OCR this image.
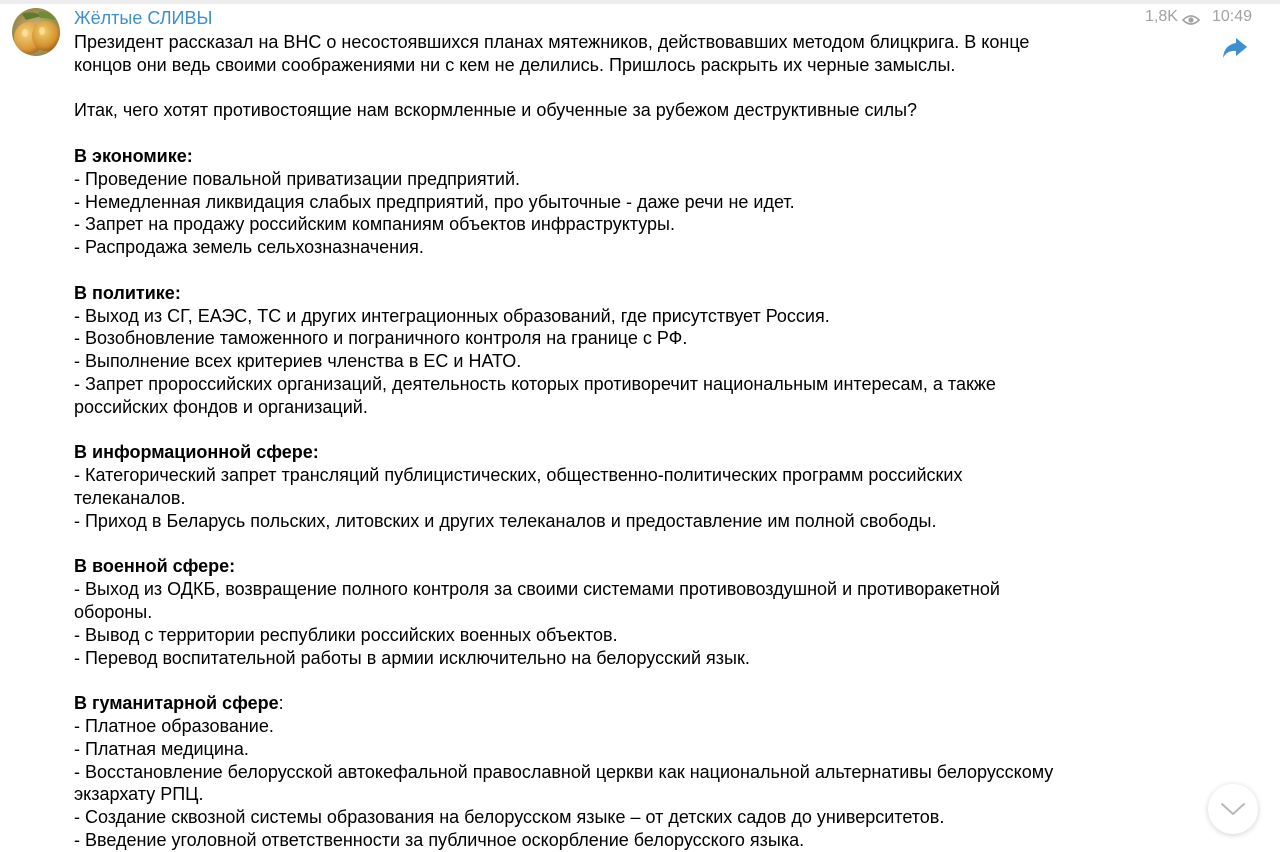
Жёлтые СЛИВЫ	1,8K 10:49
Президент рассказал на ВНС о несостоявшихся планах мятежников, действовавших методом блицкрига. В конце
концов они ведь своими соображениями ни с кем не делились. Пришлось раскрыть их черные замыслы.
Итак, чего хотят противостоящие нам вскормленные и обученные за рубежом деструктивные силы?
В экономике:
- Проведение повальной приватизации предприятий.
- Немедленная ликвидация слабых предприятий, про убыточные - даже речи не идет.
- Запрет на продажу российским компаниям объектов инфраструктуры.
- Распродажа земель сельхозназначения.
В политике:
- Выход из СГ, ЕАЭС, ТС и других интеграционных образований, где присутствует Россия.
- Возобновление таможенного и пограничного контроля на границе с РФ.
- Выполнение всех критериев членства в ЕС и НАТО.
- Запрет пророссийских организаций, деятельность которых противоречит национальным интересам, а также
российских фондов и организаций.
В информационной сфере:
- Категорический запрет трансляций публицистических, общественно-политических программ российских
телеканалов.
- Приход в Беларусь польских, литовских и других телеканалов и предоставление им полной свободы.
В военной сфере:
- Выход из ОДКБ, возвращение полного контроля за своими системами противовоздушной и противоракетной
обороны.
- Вывод с территории республики российских военных объектов.
- Перевод воспитательной работы в армии исключительно на белорусский язык.
В гуманитарной сфере:
- Платное образование.
- Платная медицина.
- Восстановление белорусской автокефальной православной церкви как национальной альтернативы белорусскому
экзархату РПЦ.
- Создание сквозной системы образования на белорусском языке – от детских садов до университетов.
- Введение уголовной ответственности за публичное оскорбление белорусского языка.
